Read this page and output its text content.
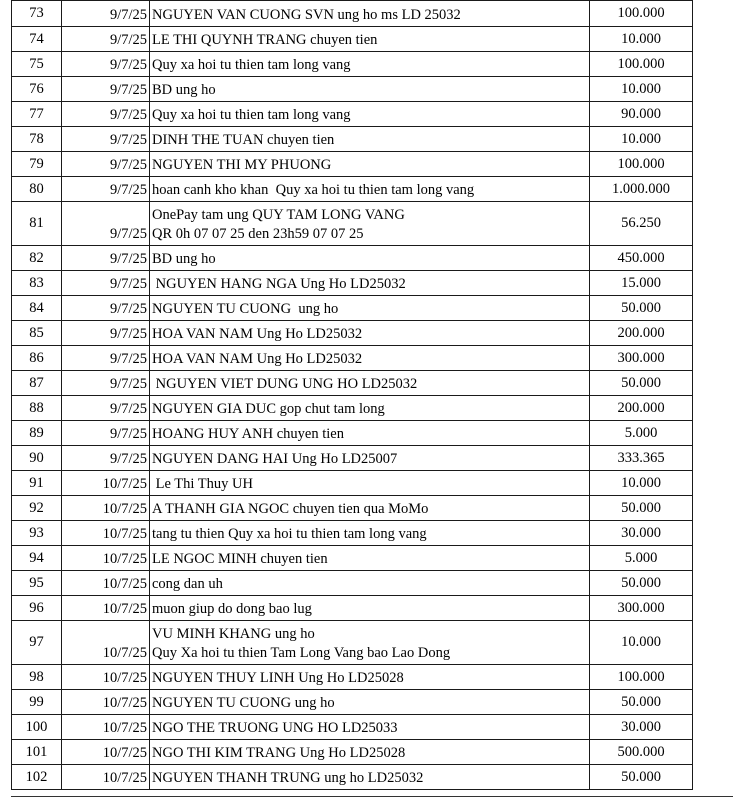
73	9/7/25	NGUYEN VAN CUONG SVN ung ho ms LD 25032	100.000
74	9/7/25	LE THI QUYNH TRANG chuyen tien	10.000
75	9/7/25	Quy xa hoi tu thien tam long vang	100.000
76	9/7/25	BD ung ho	10.000
77	9/7/25	Quy xa hoi tu thien tam long vang	90.000
78	9/7/25	DINH THE TUAN chuyen tien	10.000
79	9/7/25	NGUYEN THI MY PHUONG	100.000
80	9/7/25	hoan canh kho khan  Quy xa hoi tu thien tam long vang	1.000.000
81	9/7/25	OnePay tam ung QUY TAM LONG VANG
QR 0h 07 07 25 den 23h59 07 07 25	56.250
82	9/7/25	BD ung ho	450.000
83	9/7/25	NGUYEN HANG NGA Ung Ho LD25032	15.000
84	9/7/25	NGUYEN TU CUONG  ung ho	50.000
85	9/7/25	HOA VAN NAM Ung Ho LD25032	200.000
86	9/7/25	HOA VAN NAM Ung Ho LD25032	300.000
87	9/7/25	NGUYEN VIET DUNG UNG HO LD25032	50.000
88	9/7/25	NGUYEN GIA DUC gop chut tam long	200.000
89	9/7/25	HOANG HUY ANH chuyen tien	5.000
90	9/7/25	NGUYEN DANG HAI Ung Ho LD25007	333.365
91	10/7/25	Le Thi Thuy UH	10.000
92	10/7/25	A THANH GIA NGOC chuyen tien qua MoMo	50.000
93	10/7/25	tang tu thien Quy xa hoi tu thien tam long vang	30.000
94	10/7/25	LE NGOC MINH chuyen tien	5.000
95	10/7/25	cong dan uh	50.000
96	10/7/25	muon giup do dong bao lug	300.000
97	10/7/25	VU MINH KHANG ung ho
Quy Xa hoi tu thien Tam Long Vang bao Lao Dong	10.000
98	10/7/25	NGUYEN THUY LINH Ung Ho LD25028	100.000
99	10/7/25	NGUYEN TU CUONG ung ho	50.000
100	10/7/25	NGO THE TRUONG UNG HO LD25033	30.000
101	10/7/25	NGO THI KIM TRANG Ung Ho LD25028	500.000
102	10/7/25	NGUYEN THANH TRUNG ung ho LD25032	50.000
